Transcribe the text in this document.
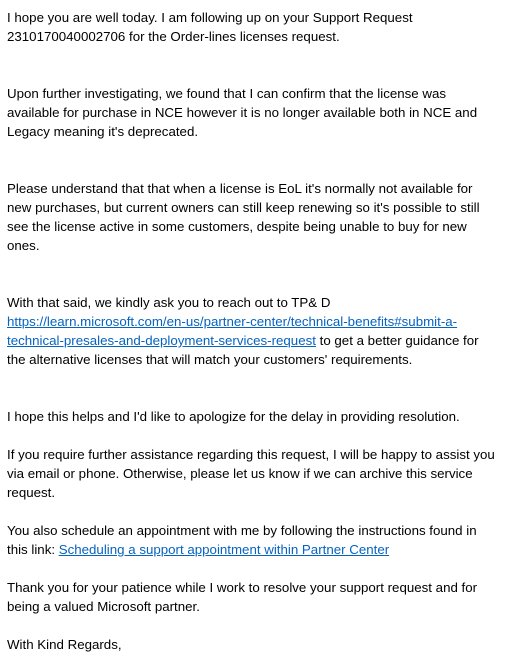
I hope you are well today. I am following up on your Support Request 2310170040002706 for the Order-lines licenses request.

Upon further investigating, we found that I can confirm that the license was available for purchase in NCE however it is no longer available both in NCE and Legacy meaning it's deprecated.

Please understand that that when a license is EoL it's normally not available for new purchases, but current owners can still keep renewing so it's possible to still see the license active in some customers, despite being unable to buy for new ones.

With that said, we kindly ask you to reach out to TP& D https://learn.microsoft.com/en-us/partner-center/technical-benefits#submit-a-technical-presales-and-deployment-services-request to get a better guidance for the alternative licenses that will match your customers' requirements.

I hope this helps and I'd like to apologize for the delay in providing resolution.

If you require further assistance regarding this request, I will be happy to assist you via email or phone. Otherwise, please let us know if we can archive this service request.

You also schedule an appointment with me by following the instructions found in this link: Scheduling a support appointment within Partner Center

Thank you for your patience while I work to resolve your support request and for being a valued Microsoft partner.

With Kind Regards,
